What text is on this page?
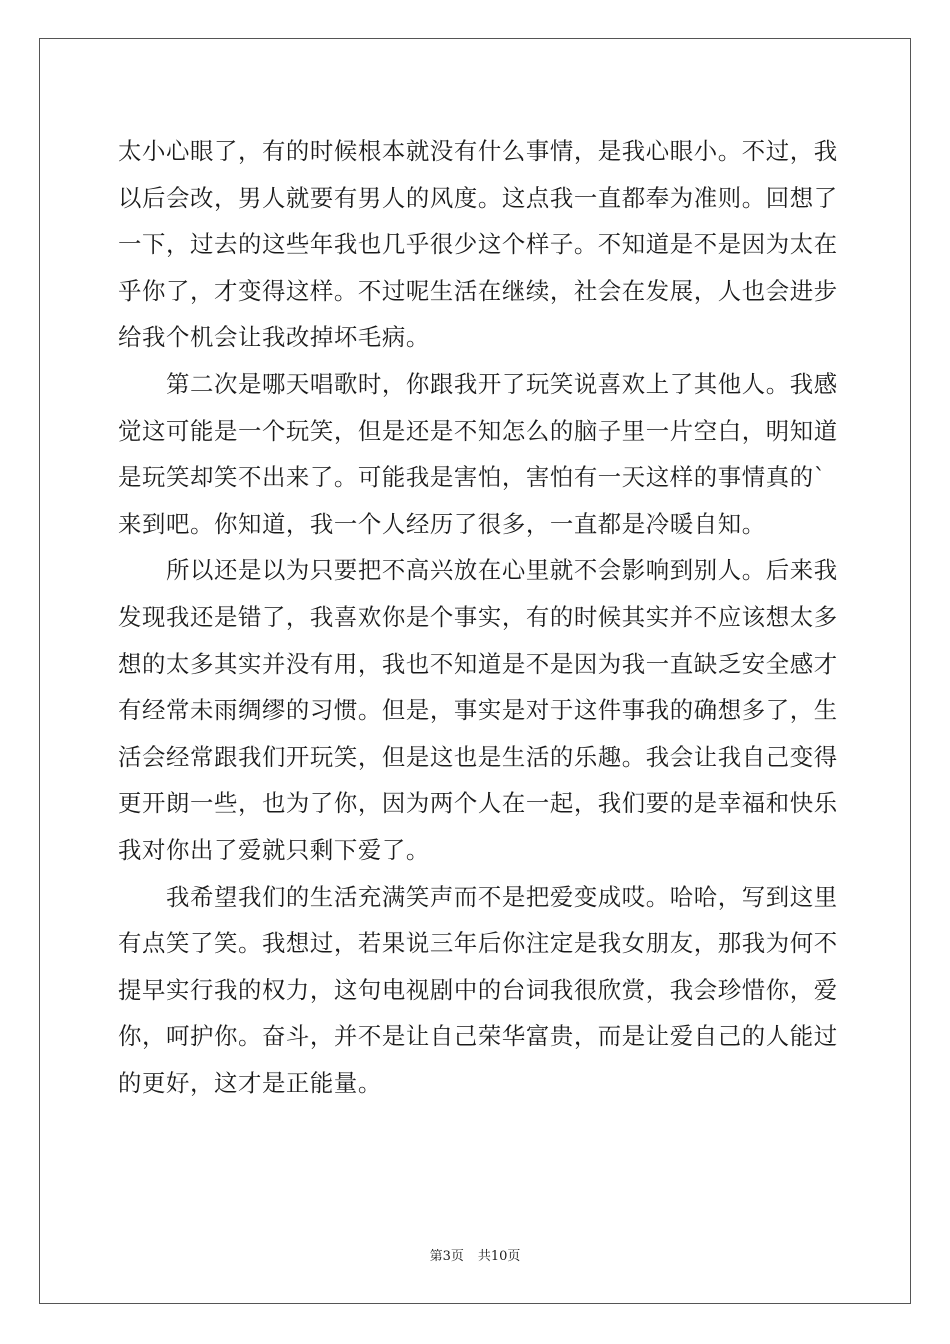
太小心眼了，有的时候根本就没有什么事情，是我心眼小。不过，我
以后会改，男人就要有男人的风度。这点我一直都奉为准则。回想了
一下，过去的这些年我也几乎很少这个样子。不知道是不是因为太在
乎你了，才变得这样。不过呢生活在继续，社会在发展，人也会进步
给我个机会让我改掉坏毛病。

　　第二次是哪天唱歌时，你跟我开了玩笑说喜欢上了其他人。我感
觉这可能是一个玩笑，但是还是不知怎么的脑子里一片空白，明知道
是玩笑却笑不出来了。可能我是害怕，害怕有一天这样的事情真的`
来到吧。你知道，我一个人经历了很多，一直都是冷暖自知。

　　所以还是以为只要把不高兴放在心里就不会影响到别人。后来我
发现我还是错了，我喜欢你是个事实，有的时候其实并不应该想太多
想的太多其实并没有用，我也不知道是不是因为我一直缺乏安全感才
有经常未雨绸缪的习惯。但是，事实是对于这件事我的确想多了，生
活会经常跟我们开玩笑，但是这也是生活的乐趣。我会让我自己变得
更开朗一些，也为了你，因为两个人在一起，我们要的是幸福和快乐
我对你出了爱就只剩下爱了。

　　我希望我们的生活充满笑声而不是把爱变成哎。哈哈，写到这里
有点笑了笑。我想过，若果说三年后你注定是我女朋友，那我为何不
提早实行我的权力，这句电视剧中的台词我很欣赏，我会珍惜你，爱
你，呵护你。奋斗，并不是让自己荣华富贵，而是让爱自己的人能过
的更好，这才是正能量。

第3页 共10页
